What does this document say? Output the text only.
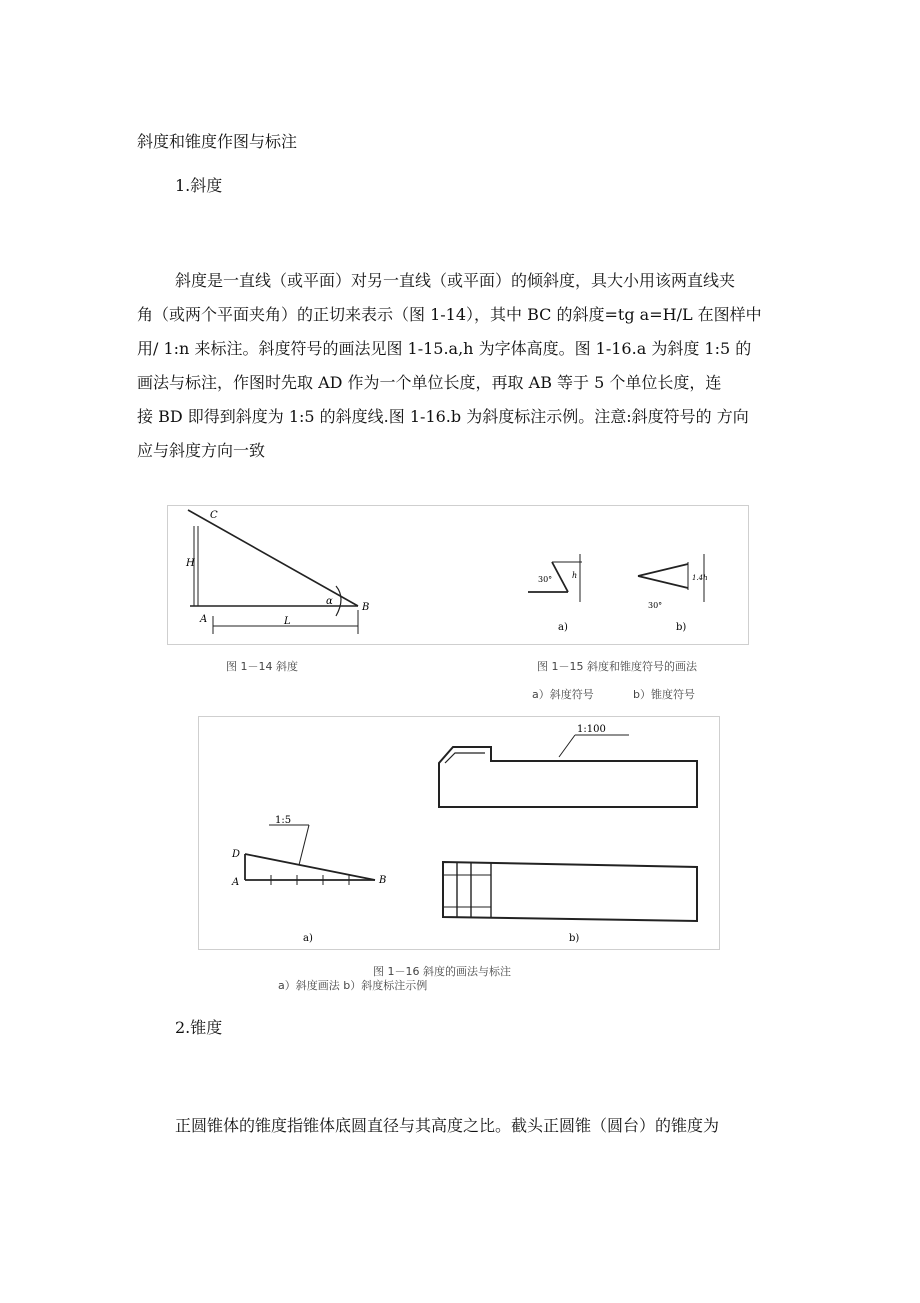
斜度和锥度作图与标注
1.斜度
斜度是一直线（或平面）对另一直线（或平面）的倾斜度，具大小用该两直线夹
角（或两个平面夹角）的正切来表示（图 1-14），其中 BC 的斜度=tg a=H/L 在图样中
用/ 1:n 来标注。斜度符号的画法见图 1-15.a,h 为字体高度。图 1-16.a 为斜度 1:5 的
画法与标注，作图时先取 AD 作为一个单位长度，再取 AB 等于 5 个单位长度，连
接 BD 即得到斜度为 1:5 的斜度线.图 1-16.b 为斜度标注示例。注意:斜度符号的 方向
应与斜度方向一致
C
A
B
H
L
α
30° h
a)
30°
1.4h
b)
图 1－14 斜度	图 1－15 斜度和锥度符号的画法
a）斜度符号	b）锥度符号
1:5
D
A	B
a)
1:100
b)
图 1－16 斜度的画法与标注
a）斜度画法 b）斜度标注示例
2.锥度
正圆锥体的锥度指锥体底圆直径与其高度之比。截头正圆锥（圆台）的锥度为
